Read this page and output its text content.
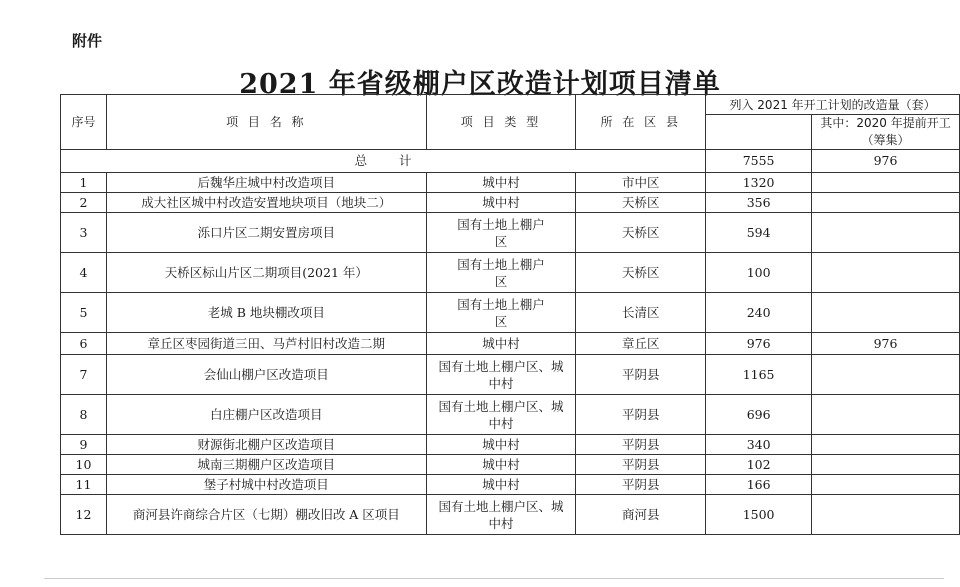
附件
2021 年省级棚户区改造计划项目清单
序号	项 目 名 称	项 目 类 型	所 在 区 县	列入 2021 年开工计划的改造量（套）	
					其中：2020 年提前开工（筹集）
总        计				7555	976
1	后魏华庄城中村改造项目	城中村	市中区	1320	
2	成大社区城中村改造安置地块项目（地块二）	城中村	天桥区	356	
3	泺口片区二期安置房项目	国有土地上棚户区	天桥区	594	
4	天桥区标山片区二期项目(2021 年）	国有土地上棚户区	天桥区	100	
5	老城 B 地块棚改项目	国有土地上棚户区	长清区	240	
6	章丘区枣园街道三田、马芦村旧村改造二期	城中村	章丘区	976	976
7	会仙山棚户区改造项目	国有土地上棚户区、城中村	平阴县	1165	
8	白庄棚户区改造项目	国有土地上棚户区、城中村	平阴县	696	
9	财源街北棚户区改造项目	城中村	平阴县	340	
10	城南三期棚户区改造项目	城中村	平阴县	102	
11	堡子村城中村改造项目	城中村	平阴县	166	
12	商河县许商综合片区（七期）棚改旧改 A 区项目	国有土地上棚户区、城中村	商河县	1500	
